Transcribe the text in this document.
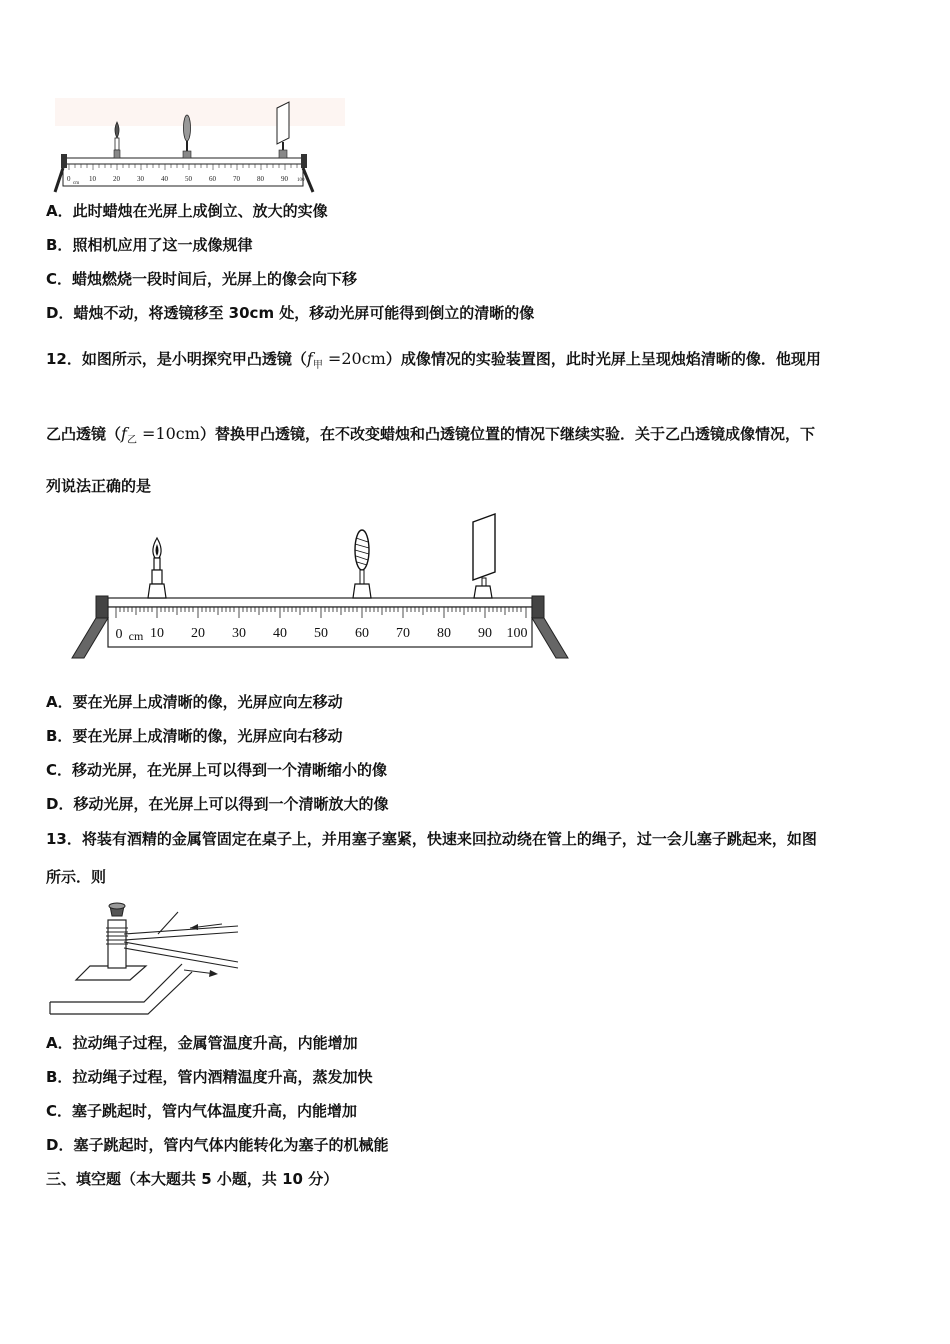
0
cm
10 20 30 40 50 60 70 80 90 100
A．此时蜡烛在光屏上成倒立、放大的实像
B．照相机应用了这一成像规律
C．蜡烛燃烧一段时间后，光屏上的像会向下移
D．蜡烛不动，将透镜移至 30cm 处，移动光屏可能得到倒立的清晰的像
12．如图所示，是小明探究甲凸透镜$(f_甲 =20cm)$成像情况的实验装置图，此时光屏上呈现烛焰清晰的像．他现用
乙凸透镜$(f_乙 =10cm)$替换甲凸透镜，在不改变蜡烛和凸透镜位置的情况下继续实验．关于乙凸透镜成像情况，下
列说法正确的是
0 cm 10 20 30 40 50 60 70 80 90 100
A．要在光屏上成清晰的像，光屏应向左移动
B．要在光屏上成清晰的像，光屏应向右移动
C．移动光屏，在光屏上可以得到一个清晰缩小的像
D．移动光屏，在光屏上可以得到一个清晰放大的像
13．将装有酒精的金属管固定在桌子上，并用塞子塞紧，快速来回拉动绕在管上的绳子，过一会儿塞子跳起来，如图
所示．则
A．拉动绳子过程，金属管温度升高，内能增加
B．拉动绳子过程，管内酒精温度升高，蒸发加快
C．塞子跳起时，管内气体温度升高，内能增加
D．塞子跳起时，管内气体内能转化为塞子的机械能
三、填空题（本大题共 5 小题，共 10 分）
